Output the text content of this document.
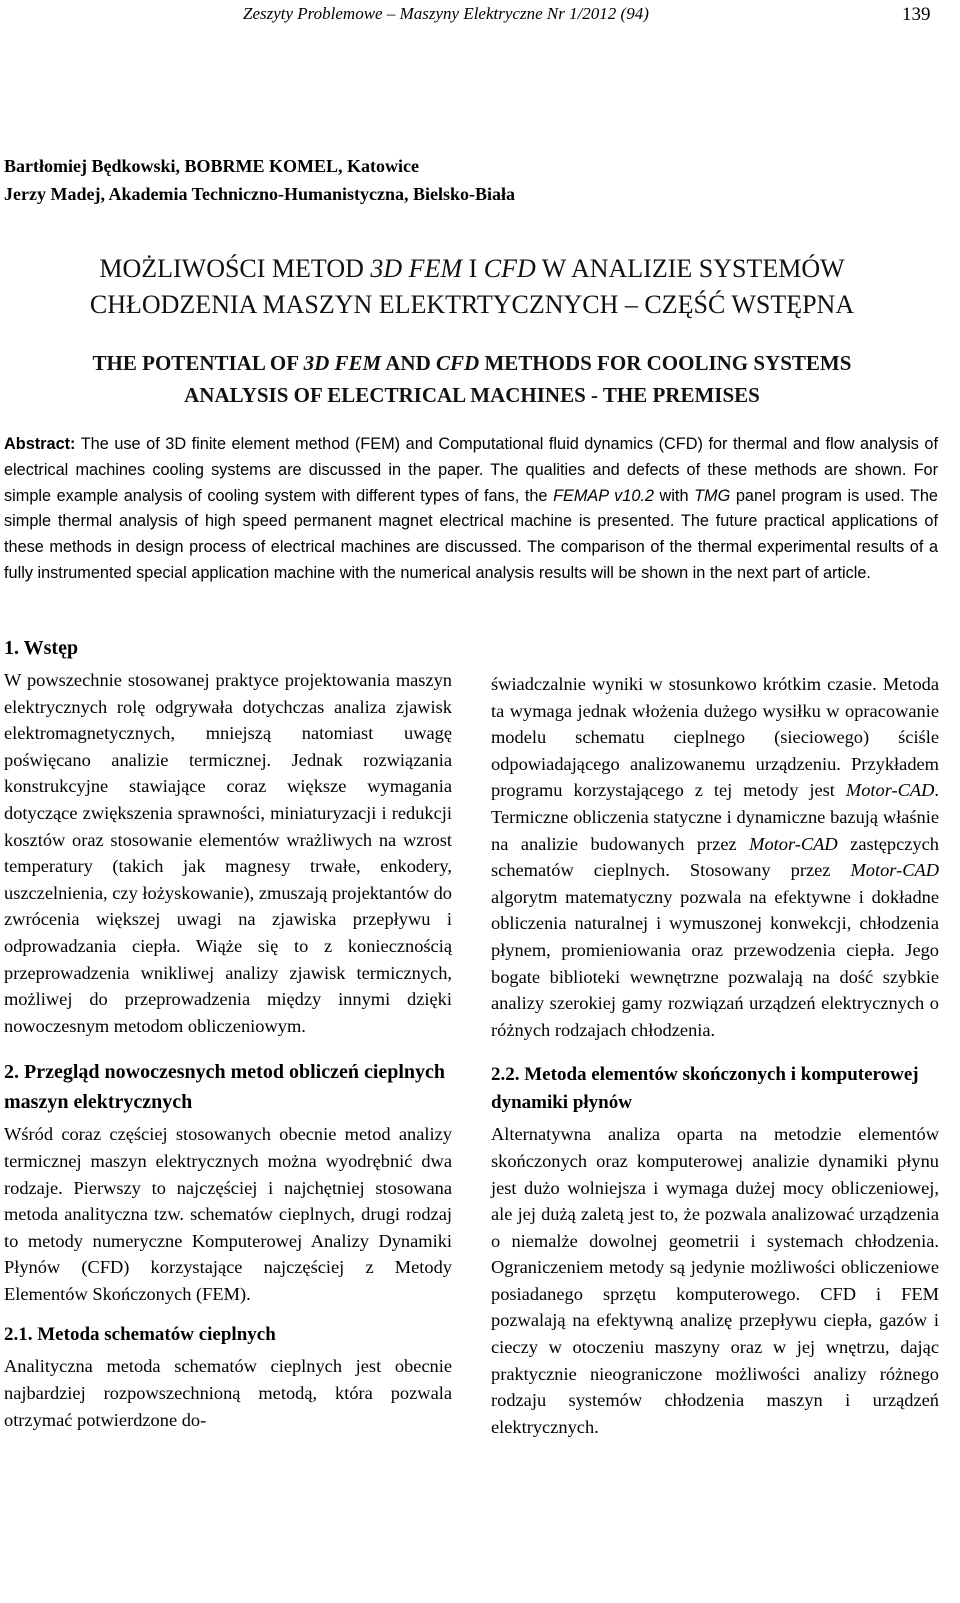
Zeszyty Problemowe – Maszyny Elektryczne Nr 1/2012 (94)	139
Bartłomiej Będkowski, BOBRME KOMEL, Katowice
Jerzy Madej, Akademia Techniczno-Humanistyczna, Bielsko-Biała
MOŻLIWOŚCI METOD 3D FEM I CFD W ANALIZIE SYSTEMÓW
CHŁODZENIA MASZYN ELEKTRTYCZNYCH – CZĘŚĆ WSTĘPNA
THE POTENTIAL OF 3D FEM AND CFD METHODS FOR COOLING SYSTEMS
ANALYSIS OF ELECTRICAL MACHINES - THE PREMISES
Abstract: The use of 3D finite element method (FEM) and Computational fluid dynamics (CFD) for thermal and flow analysis of electrical machines cooling systems are discussed in the paper. The qualities and defects of these methods are shown. For simple example analysis of cooling system with different types of fans, the FEMAP v10.2 with TMG panel program is used. The simple thermal analysis of high speed permanent magnet electrical machine is presented. The future practical applications of these methods in design process of electrical machines are discussed. The comparison of the thermal experimental results of a fully instrumented special application machine with the numerical analysis results will be shown in the next part of article.
1. Wstęp

W powszechnie stosowanej praktyce projektowania maszyn elektrycznych rolę odgrywała dotychczas analiza zjawisk elektromagnetycznych, mniejszą natomiast uwagę poświęcano analizie termicznej. Jednak rozwiązania konstrukcyjne stawiające coraz większe wymagania dotyczące zwiększenia sprawności, miniaturyzacji i redukcji kosztów oraz stosowanie elementów wrażliwych na wzrost temperatury (takich jak magnesy trwałe, enkodery, uszczelnienia, czy łożyskowanie), zmuszają projektantów do zwrócenia większej uwagi na zjawiska przepływu i odprowadzania ciepła. Wiąże się to z koniecznością przeprowadzenia wnikliwej analizy zjawisk termicznych, możliwej do przeprowadzenia między innymi dzięki nowoczesnym metodom obliczeniowym.

2. Przegląd nowoczesnych metod obliczeń cieplnych maszyn elektrycznych

Wśród coraz częściej stosowanych obecnie metod analizy termicznej maszyn elektrycznych można wyodrębnić dwa rodzaje. Pierwszy to najczęściej i najchętniej stosowana metoda analityczna tzw. schematów cieplnych, drugi rodzaj to metody numeryczne Komputerowej Analizy Dynamiki Płynów (CFD) korzystające najczęściej z Metody Elementów Skończonych (FEM).

2.1. Metoda schematów cieplnych

Analityczna metoda schematów cieplnych jest obecnie najbardziej rozpowszechnioną metodą, która pozwala otrzymać potwierdzone do-

świadczalnie wyniki w stosunkowo krótkim czasie. Metoda ta wymaga jednak włożenia dużego wysiłku w opracowanie modelu schematu cieplnego (sieciowego) ściśle odpowiadającego analizowanemu urządzeniu. Przykładem programu korzystającego z tej metody jest Motor-CAD. Termiczne obliczenia statyczne i dynamiczne bazują właśnie na analizie budowanych przez Motor-CAD zastępczych schematów cieplnych. Stosowany przez Motor-CAD algorytm matematyczny pozwala na efektywne i dokładne obliczenia naturalnej i wymuszonej konwekcji, chłodzenia płynem, promieniowania oraz przewodzenia ciepła. Jego bogate biblioteki wewnętrzne pozwalają na dość szybkie analizy szerokiej gamy rozwiązań urządzeń elektrycznych o różnych rodzajach chłodzenia.

2.2. Metoda elementów skończonych i komputerowej dynamiki płynów

Alternatywna analiza oparta na metodzie elementów skończonych oraz komputerowej analizie dynamiki płynu jest dużo wolniejsza i wymaga dużej mocy obliczeniowej, ale jej dużą zaletą jest to, że pozwala analizować urządzenia o niemalże dowolnej geometrii i systemach chłodzenia. Ograniczeniem metody są jedynie możliwości obliczeniowe posiadanego sprzętu komputerowego. CFD i FEM pozwalają na efektywną analizę przepływu ciepła, gazów i cieczy w otoczeniu maszyny oraz w jej wnętrzu, dając praktycznie nieograniczone możliwości analizy różnego rodzaju systemów chłodzenia maszyn i urządzeń elektrycznych.
